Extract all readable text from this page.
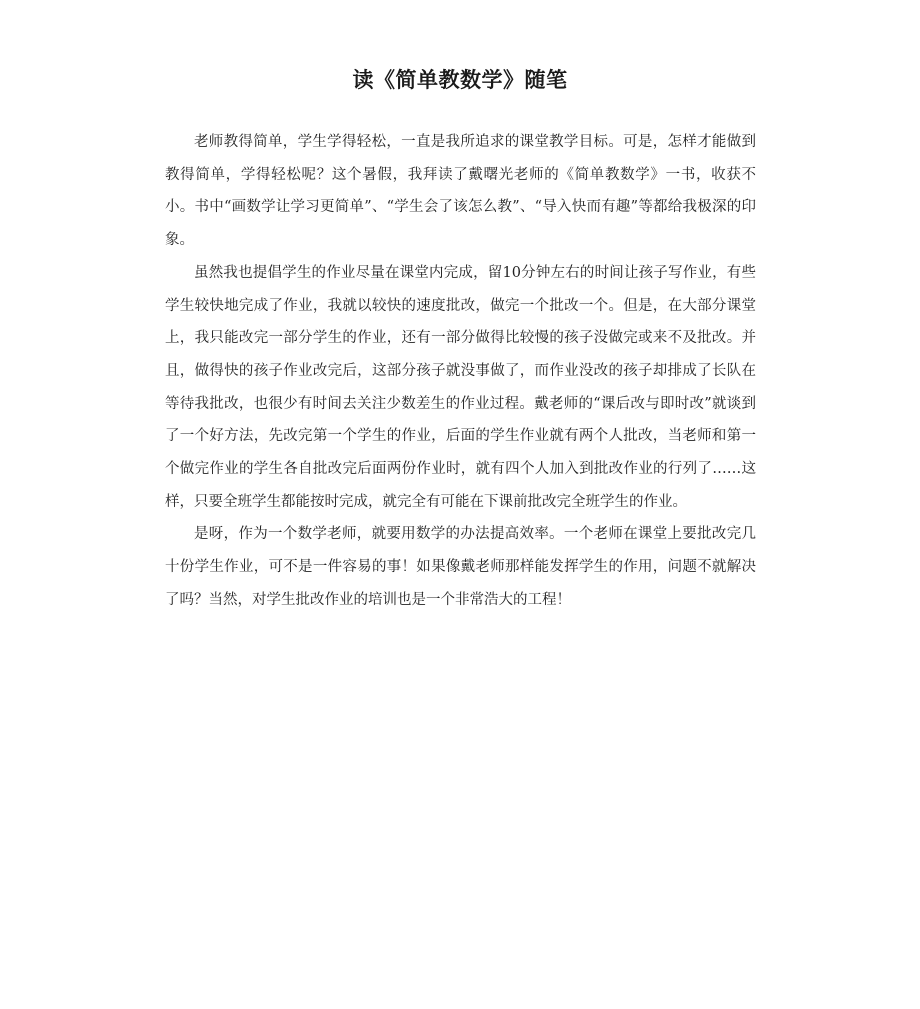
读《简单教数学》随笔

老师教得简单，学生学得轻松，一直是我所追求的课堂教学目标。可是，怎样才能做到教得简单，学得轻松呢？这个暑假，我拜读了戴曙光老师的《简单教数学》一书，收获不小。书中“画数学让学习更简单”、“学生会了该怎么教”、“导入快而有趣”等都给我极深的印象。

虽然我也提倡学生的作业尽量在课堂内完成，留10分钟左右的时间让孩子写作业，有些学生较快地完成了作业，我就以较快的速度批改，做完一个批改一个。但是，在大部分课堂上，我只能改完一部分学生的作业，还有一部分做得比较慢的孩子没做完或来不及批改。并且，做得快的孩子作业改完后，这部分孩子就没事做了，而作业没改的孩子却排成了长队在等待我批改，也很少有时间去关注少数差生的作业过程。戴老师的“课后改与即时改”就谈到了一个好方法，先改完第一个学生的作业，后面的学生作业就有两个人批改，当老师和第一个做完作业的学生各自批改完后面两份作业时，就有四个人加入到批改作业的行列了……这样，只要全班学生都能按时完成，就完全有可能在下课前批改完全班学生的作业。

是呀，作为一个数学老师，就要用数学的办法提高效率。一个老师在课堂上要批改完几十份学生作业，可不是一件容易的事！如果像戴老师那样能发挥学生的作用，问题不就解决了吗？当然，对学生批改作业的培训也是一个非常浩大的工程！
